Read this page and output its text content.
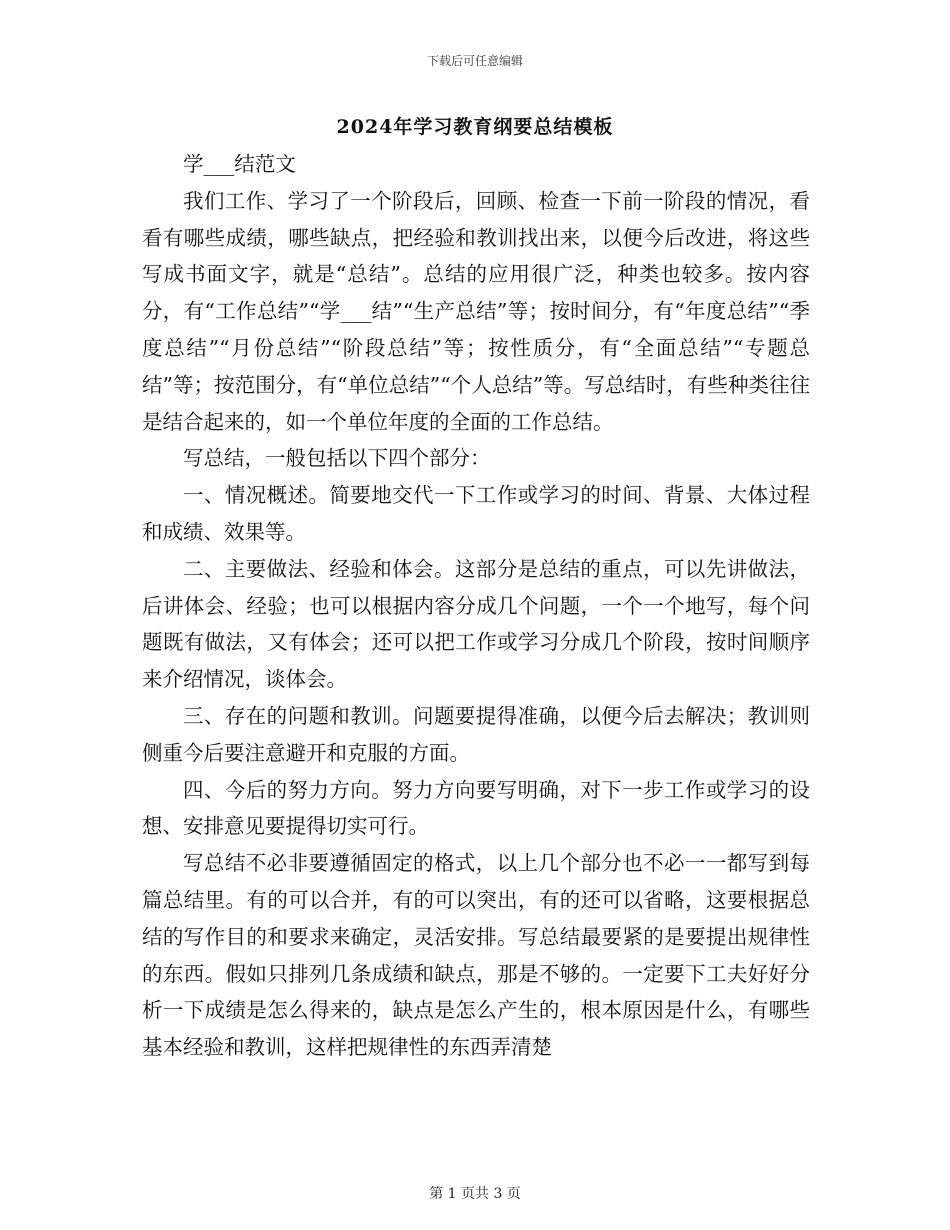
下载后可任意编辑
2024年学习教育纲要总结模板

学___结范文

我们工作、学习了一个阶段后，回顾、检查一下前一阶段的情况，看看有哪些成绩，哪些缺点，把经验和教训找出来，以便今后改进，将这些写成书面文字，就是“总结”。总结的应用很广泛，种类也较多。按内容分，有“工作总结”“学___结”“生产总结”等；按时间分，有“年度总结”“季度总结”“月份总结”“阶段总结”等；按性质分，有“全面总结”“专题总结”等；按范围分，有“单位总结”“个人总结”等。写总结时，有些种类往往是结合起来的，如一个单位年度的全面的工作总结。

写总结，一般包括以下四个部分：

一、情况概述。简要地交代一下工作或学习的时间、背景、大体过程和成绩、效果等。

二、主要做法、经验和体会。这部分是总结的重点，可以先讲做法，后讲体会、经验；也可以根据内容分成几个问题，一个一个地写，每个问题既有做法，又有体会；还可以把工作或学习分成几个阶段，按时间顺序来介绍情况，谈体会。

三、存在的问题和教训。问题要提得准确，以便今后去解决；教训则侧重今后要注意避开和克服的方面。

四、今后的努力方向。努力方向要写明确，对下一步工作或学习的设想、安排意见要提得切实可行。

写总结不必非要遵循固定的格式，以上几个部分也不必一一都写到每篇总结里。有的可以合并，有的可以突出，有的还可以省略，这要根据总结的写作目的和要求来确定，灵活安排。写总结最要紧的是要提出规律性的东西。假如只排列几条成绩和缺点，那是不够的。一定要下工夫好好分析一下成绩是怎么得来的，缺点是怎么产生的，根本原因是什么，有哪些基本经验和教训，这样把规律性的东西弄清楚

第 1 页共 3 页
